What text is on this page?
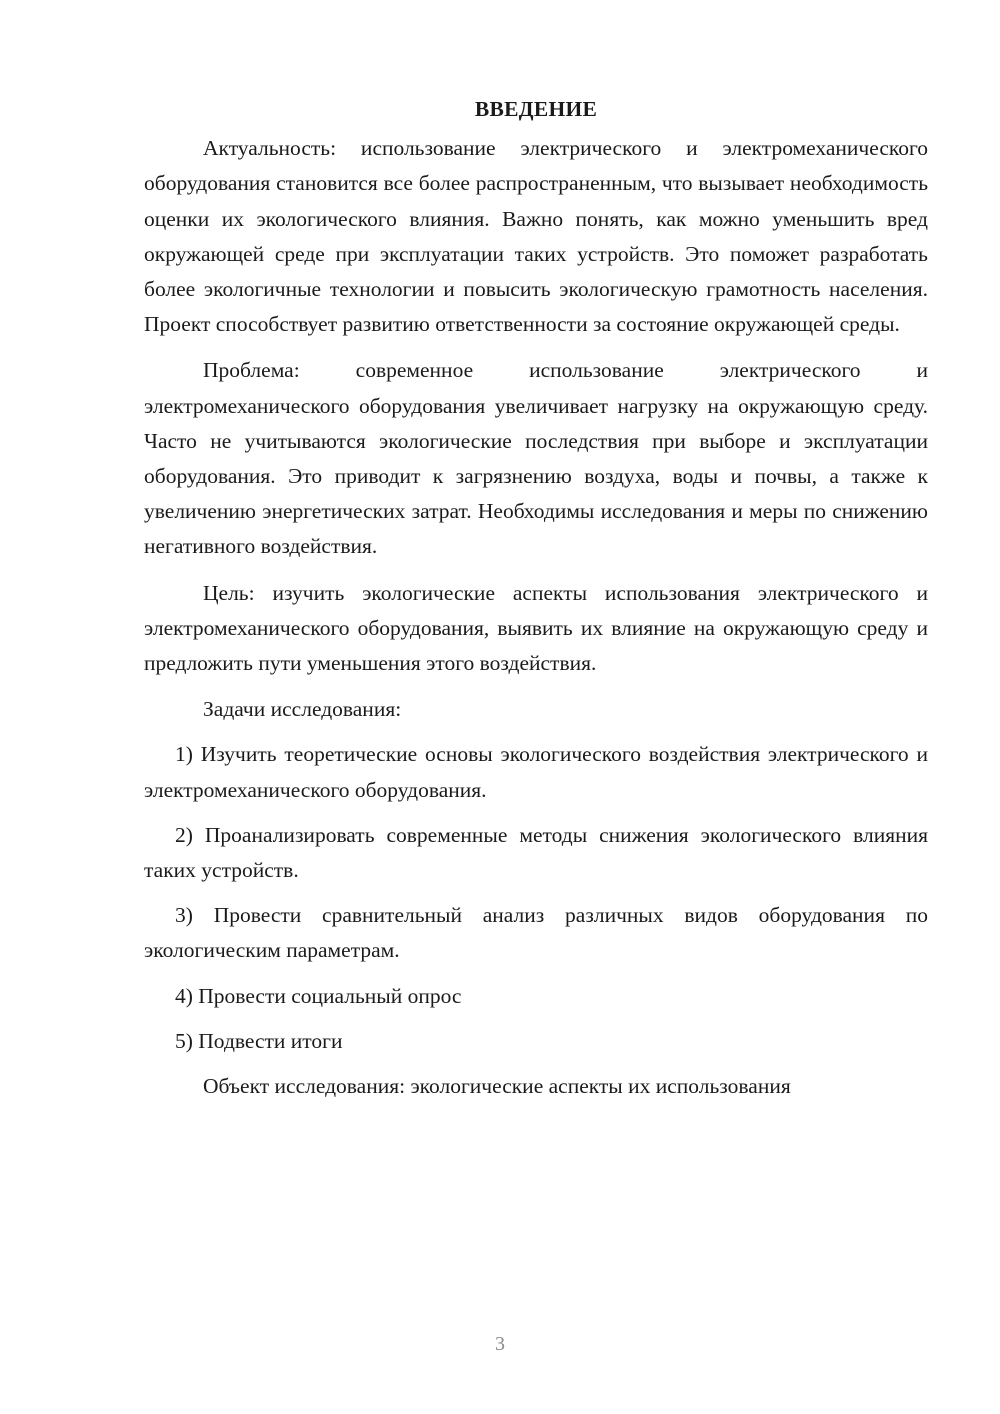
ВВЕДЕНИЕ

Актуальность: использование электрического и электромеханического оборудования становится все более распространенным, что вызывает необходимость оценки их экологического влияния. Важно понять, как можно уменьшить вред окружающей среде при эксплуатации таких устройств. Это поможет разработать более экологичные технологии и повысить экологическую грамотность населения. Проект способствует развитию ответственности за состояние окружающей среды.

Проблема: современное использование электрического и электромеханического оборудования увеличивает нагрузку на окружающую среду. Часто не учитываются экологические последствия при выборе и эксплуатации оборудования. Это приводит к загрязнению воздуха, воды и почвы, а также к увеличению энергетических затрат. Необходимы исследования и меры по снижению негативного воздействия.

Цель: изучить экологические аспекты использования электрического и электромеханического оборудования, выявить их влияние на окружающую среду и предложить пути уменьшения этого воздействия.

Задачи исследования:

1) Изучить теоретические основы экологического воздействия электрического и электромеханического оборудования.

2) Проанализировать современные методы снижения экологического влияния таких устройств.

3) Провести сравнительный анализ различных видов оборудования по экологическим параметрам.

4) Провести социальный опрос

5) Подвести итоги

Объект исследования: экологические аспекты их использования

3
